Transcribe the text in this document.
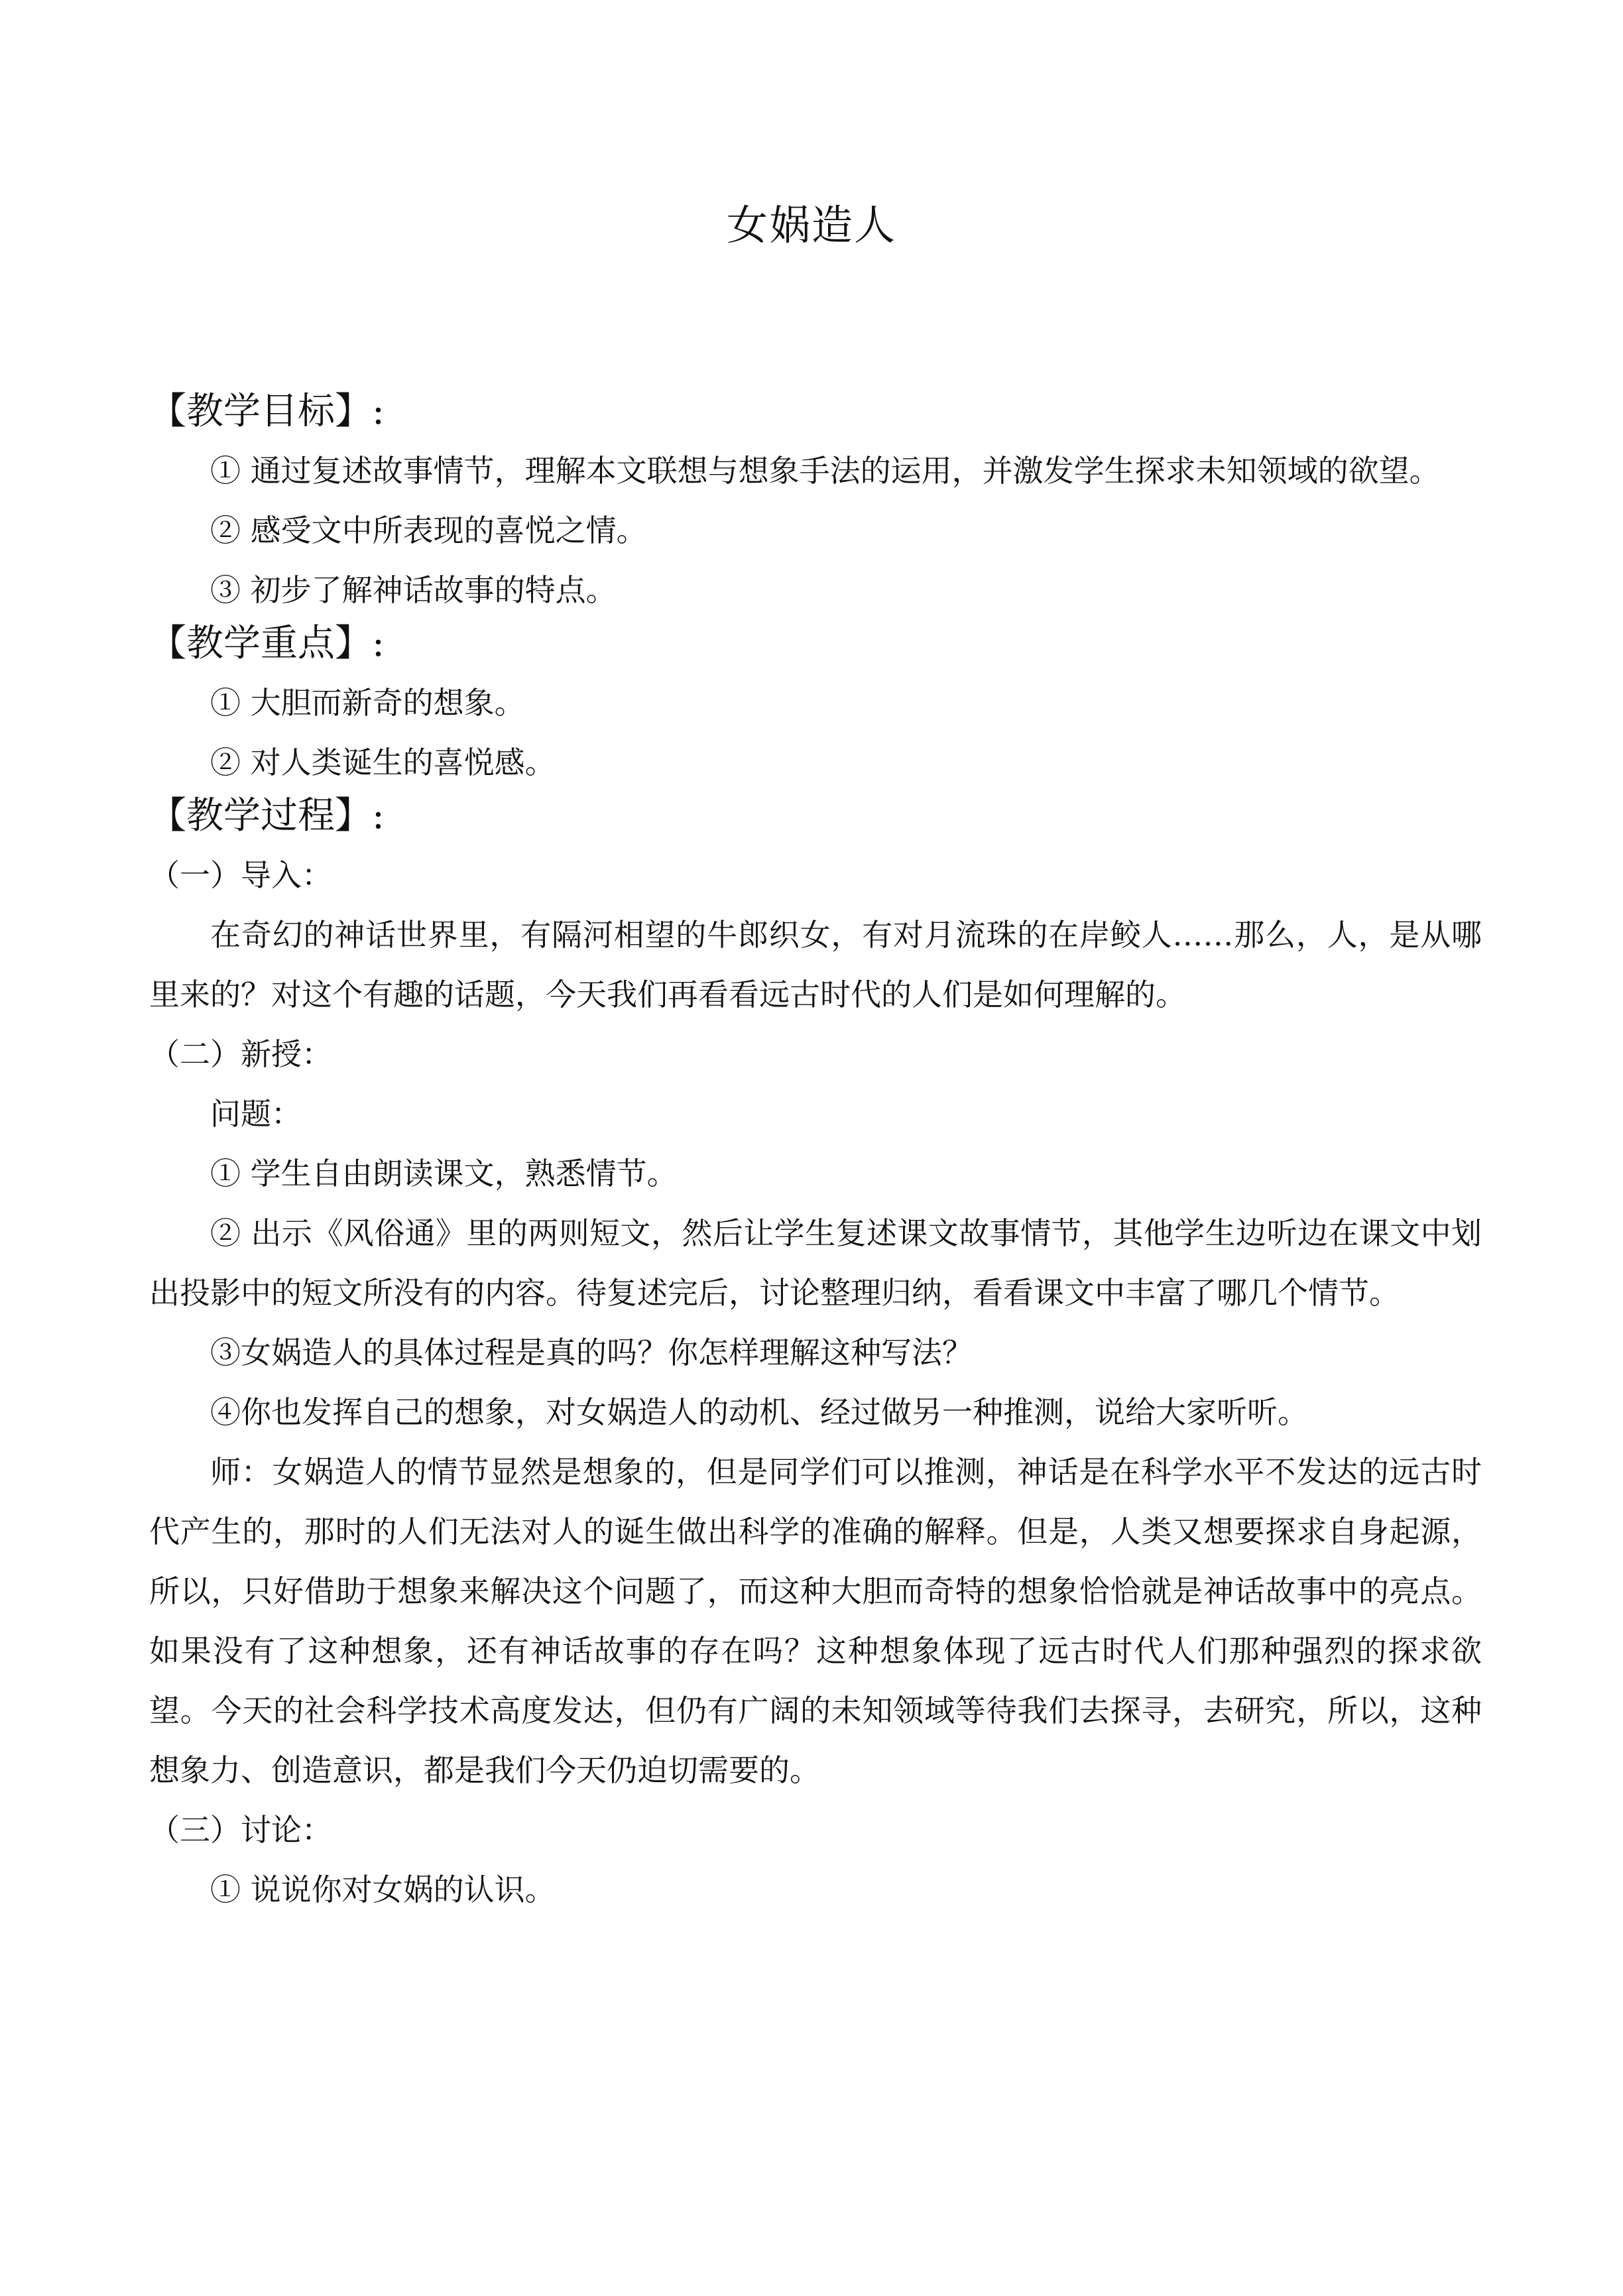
女娲造人
【教学目标】:

① 通过复述故事情节，理解本文联想与想象手法的运用，并激发学生探求未知领域的欲望。

② 感受文中所表现的喜悦之情。

③ 初步了解神话故事的特点。

【教学重点】:

① 大胆而新奇的想象。

② 对人类诞生的喜悦感。

【教学过程】:

（一）导入：

在奇幻的神话世界里，有隔河相望的牛郎织女，有对月流珠的在岸鲛人……那么，人，是从哪里来的？对这个有趣的话题，今天我们再看看远古时代的人们是如何理解的。

（二）新授：

问题：

① 学生自由朗读课文，熟悉情节。

② 出示《风俗通》里的两则短文，然后让学生复述课文故事情节，其他学生边听边在课文中划出投影中的短文所没有的内容。待复述完后，讨论整理归纳，看看课文中丰富了哪几个情节。

③女娲造人的具体过程是真的吗？你怎样理解这种写法？

④你也发挥自己的想象，对女娲造人的动机、经过做另一种推测，说给大家听听。

师：女娲造人的情节显然是想象的，但是同学们可以推测，神话是在科学水平不发达的远古时代产生的，那时的人们无法对人的诞生做出科学的准确的解释。但是，人类又想要探求自身起源，所以，只好借助于想象来解决这个问题了，而这种大胆而奇特的想象恰恰就是神话故事中的亮点。如果没有了这种想象，还有神话故事的存在吗？这种想象体现了远古时代人们那种强烈的探求欲望。今天的社会科学技术高度发达，但仍有广阔的未知领域等待我们去探寻，去研究，所以，这种想象力、创造意识，都是我们今天仍迫切需要的。

（三）讨论：

① 说说你对女娲的认识。
